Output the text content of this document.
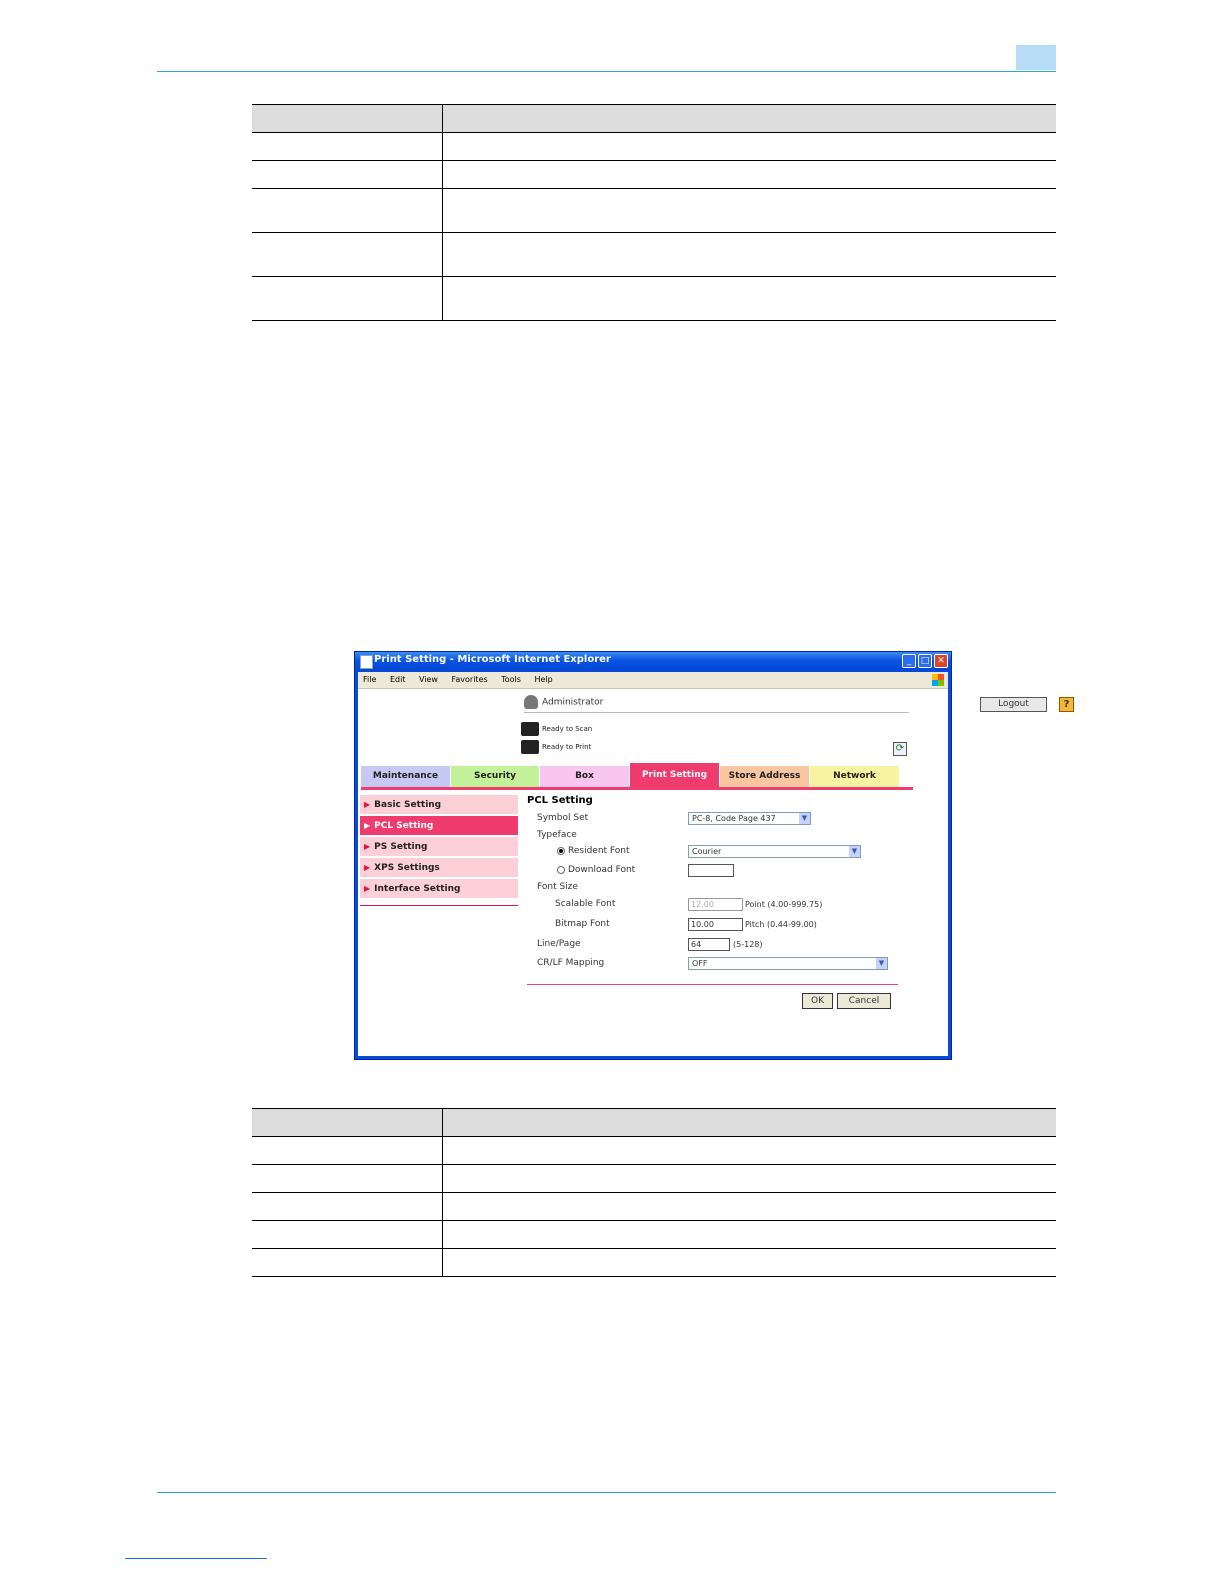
Print Setting - Microsoft Internet Explorer	_	□ ✕
File Edit View Favorites Tools Help
Administrator	Logout	?
Ready to Scan
Ready to Print	⟳
Maintenance	Security	Box	Print Setting	Store Address	Network
▶ Basic Setting
▶ PCL Setting
▶ PS Setting
▶ XPS Settings
▶ Interface Setting
PCL Setting
Symbol Set	PC-8, Code Page 437	▼
Typeface
Resident Font	Courier	▼
Download Font
Font Size
Scalable Font	12.00	Point (4.00-999.75)
Bitmap Font	10.00	Pitch (0.44-99.00)
Line/Page	64	(5-128)
CR/LF Mapping	OFF	▼
OK	Cancel
